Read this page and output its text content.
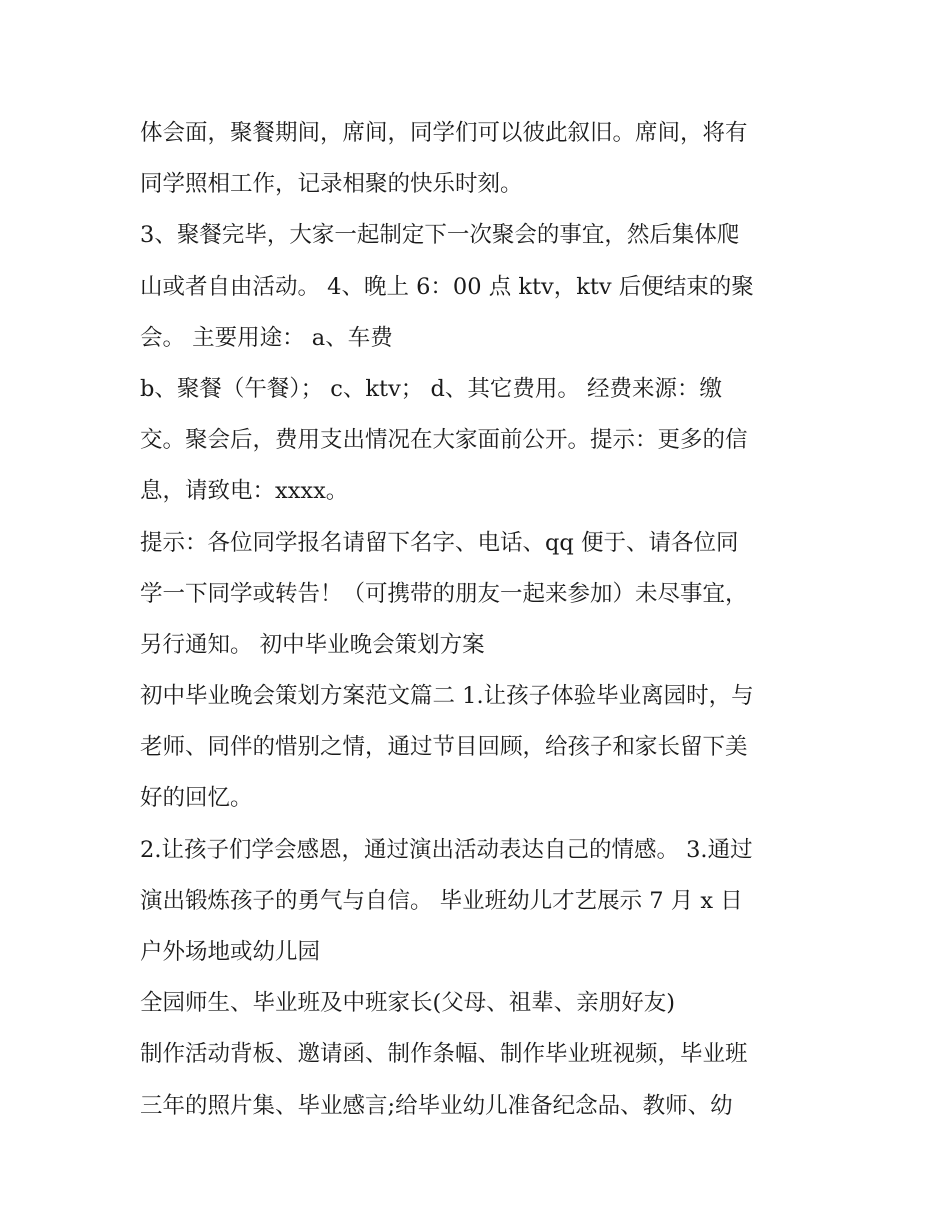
体会面，聚餐期间，席间，同学们可以彼此叙旧。席间，将有
同学照相工作，记录相聚的快乐时刻。
3、聚餐完毕，大家一起制定下一次聚会的事宜，然后集体爬
山或者自由活动。 4、晚上 6：00 点 ktv，ktv 后便结束的聚
会。 主要用途： a、车费
b、聚餐（午餐）； c、ktv； d、其它费用。 经费来源：缴
交。聚会后，费用支出情况在大家面前公开。提示：更多的信
息，请致电：xxxx。
提示：各位同学报名请留下名字、电话、qq 便于、请各位同
学一下同学或转告！（可携带的朋友一起来参加）未尽事宜，
另行通知。 初中毕业晚会策划方案
初中毕业晚会策划方案范文篇二 1.让孩子体验毕业离园时，与
老师、同伴的惜别之情，通过节目回顾，给孩子和家长留下美
好的回忆。
2.让孩子们学会感恩，通过演出活动表达自己的情感。 3.通过
演出锻炼孩子的勇气与自信。 毕业班幼儿才艺展示 7 月 x 日
户外场地或幼儿园
全园师生、毕业班及中班家长(父母、祖辈、亲朋好友)
制作活动背板、邀请函、制作条幅、制作毕业班视频，毕业班
三年的照片集、毕业感言;给毕业幼儿准备纪念品、教师、幼
